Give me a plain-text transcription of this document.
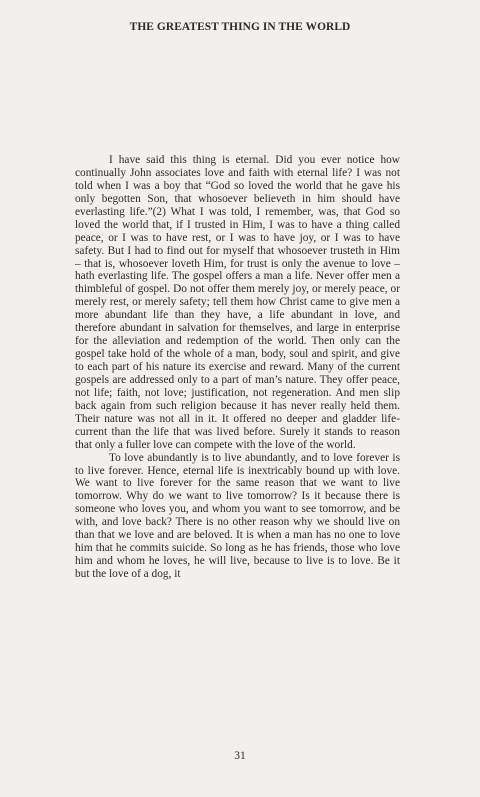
THE GREATEST THING IN THE WORLD

I have said this thing is eternal. Did you ever notice how continually John associates love and faith with eternal life? I was not told when I was a boy that “God so loved the world that he gave his only begotten Son, that whosoever believeth in him should have everlasting life.”(2) What I was told, I remember, was, that God so loved the world that, if I trusted in Him, I was to have a thing called peace, or I was to have rest, or I was to have joy, or I was to have safety. But I had to find out for myself that whosoever trusteth in Him – that is, whosoever loveth Him, for trust is only the avenue to love – hath everlasting life. The gospel offers a man a life. Never offer men a thimbleful of gospel. Do not offer them merely joy, or merely peace, or merely rest, or merely safety; tell them how Christ came to give men a more abundant life than they have, a life abundant in love, and therefore abundant in salvation for themselves, and large in enterprise for the alleviation and redemption of the world. Then only can the gospel take hold of the whole of a man, body, soul and spirit, and give to each part of his nature its exercise and reward. Many of the current gospels are addressed only to a part of man’s nature. They offer peace, not life; faith, not love; justification, not regeneration. And men slip back again from such religion because it has never really held them. Their nature was not all in it. It offered no deeper and gladder life-current than the life that was lived before. Surely it stands to reason that only a fuller love can compete with the love of the world.

To love abundantly is to live abundantly, and to love forever is to live forever. Hence, eternal life is inextricably bound up with love. We want to live forever for the same reason that we want to live tomorrow. Why do we want to live tomorrow? Is it because there is someone who loves you, and whom you want to see tomorrow, and be with, and love back? There is no other reason why we should live on than that we love and are beloved. It is when a man has no one to love him that he commits suicide. So long as he has friends, those who love him and whom he loves, he will live, because to live is to love. Be it but the love of a dog, it

31
